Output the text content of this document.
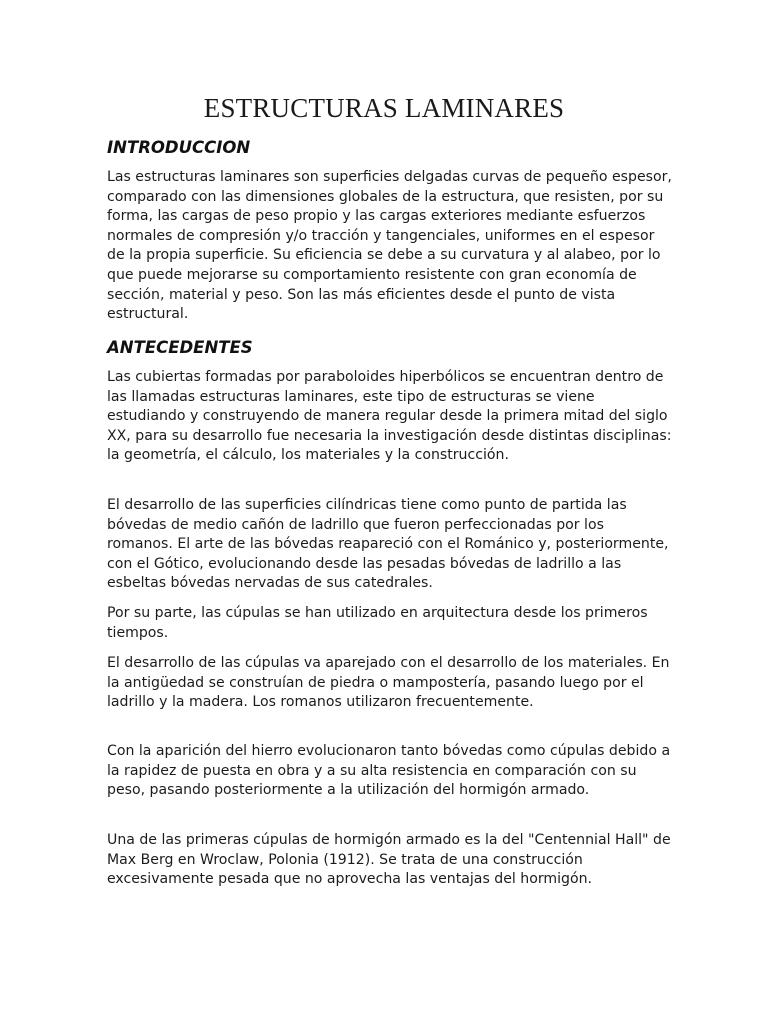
ESTRUCTURAS LAMINARES
INTRODUCCION

Las estructuras laminares son superficies delgadas curvas de pequeño espesor, comparado con las dimensiones globales de la estructura, que resisten, por su forma, las cargas de peso propio y las cargas exteriores mediante esfuerzos normales de compresión y/o tracción y tangenciales, uniformes en el espesor de la propia superficie. Su eficiencia se debe a su curvatura y al alabeo, por lo que puede mejorarse su comportamiento resistente con gran economía de sección, material y peso. Son las más eficientes desde el punto de vista estructural.

ANTECEDENTES

Las cubiertas formadas por paraboloides hiperbólicos se encuentran dentro de las llamadas estructuras laminares, este tipo de estructuras se viene estudiando y construyendo de manera regular desde la primera mitad del siglo XX, para su desarrollo fue necesaria la investigación desde distintas disciplinas: la geometría, el cálculo, los materiales y la construcción.

El desarrollo de las superficies cilíndricas tiene como punto de partida las bóvedas de medio cañón de ladrillo que fueron perfeccionadas por los romanos. El arte de las bóvedas reapareció con el Románico y, posteriormente, con el Gótico, evolucionando desde las pesadas bóvedas de ladrillo a las esbeltas bóvedas nervadas de sus catedrales.

Por su parte, las cúpulas se han utilizado en arquitectura desde los primeros tiempos.

El desarrollo de las cúpulas va aparejado con el desarrollo de los materiales. En la antigüedad se construían de piedra o mampostería, pasando luego por el ladrillo y la madera. Los romanos utilizaron frecuentemente.

Con la aparición del hierro evolucionaron tanto bóvedas como cúpulas debido a la rapidez de puesta en obra y a su alta resistencia en comparación con su peso, pasando posteriormente a la utilización del hormigón armado.

Una de las primeras cúpulas de hormigón armado es la del "Centennial Hall" de Max Berg en Wroclaw, Polonia (1912). Se trata de una construcción excesivamente pesada que no aprovecha las ventajas del hormigón.
